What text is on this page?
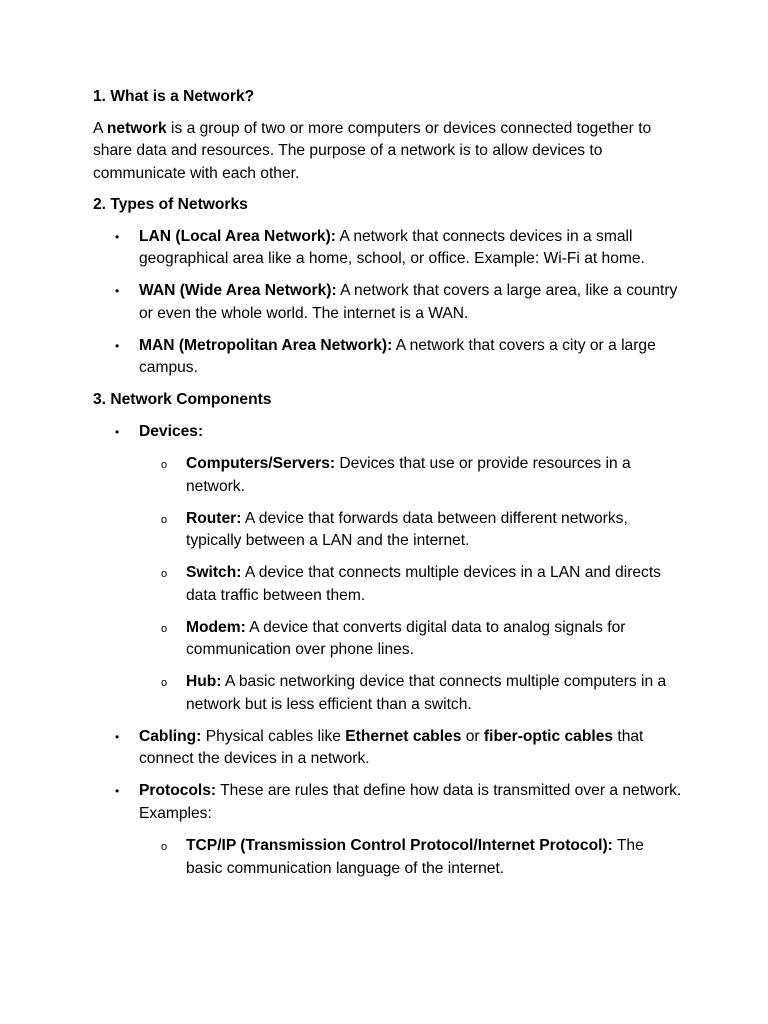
1. What is a Network?

A network is a group of two or more computers or devices connected together to share data and resources. The purpose of a network is to allow devices to communicate with each other.

2. Types of Networks
• LAN (Local Area Network): A network that connects devices in a small geographical area like a home, school, or office. Example: Wi-Fi at home.
• WAN (Wide Area Network): A network that covers a large area, like a country or even the whole world. The internet is a WAN.
• MAN (Metropolitan Area Network): A network that covers a city or a large campus.
3. Network Components
• Devices:
o Computers/Servers: Devices that use or provide resources in a network.
o Router: A device that forwards data between different networks, typically between a LAN and the internet.
o Switch: A device that connects multiple devices in a LAN and directs data traffic between them.
o Modem: A device that converts digital data to analog signals for communication over phone lines.
o Hub: A basic networking device that connects multiple computers in a network but is less efficient than a switch.
• Cabling: Physical cables like Ethernet cables or fiber-optic cables that connect the devices in a network.
• Protocols: These are rules that define how data is transmitted over a network. Examples:
o TCP/IP (Transmission Control Protocol/Internet Protocol): The basic communication language of the internet.
